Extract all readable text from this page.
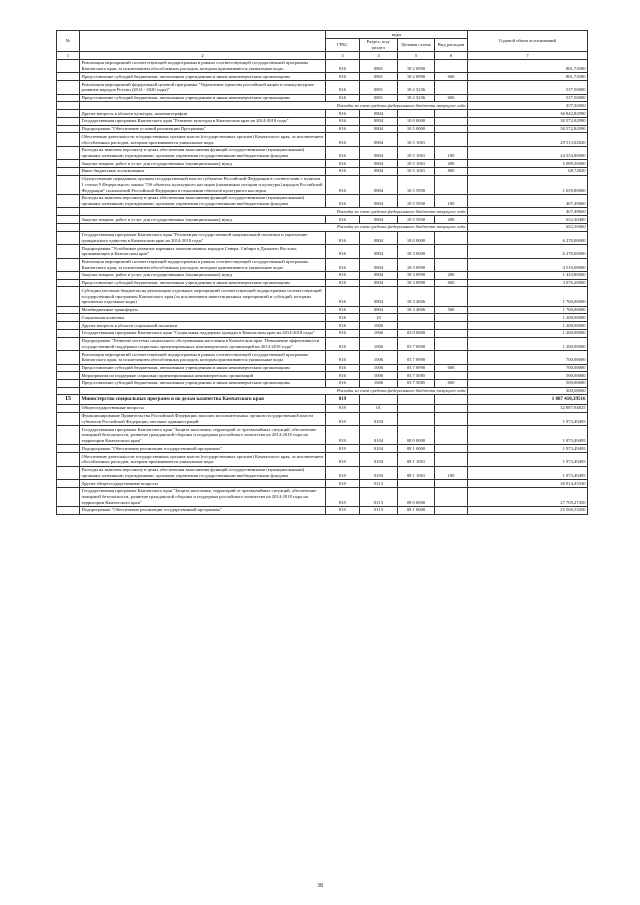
№		коды				Годовой объем ассигнований
		ГРБС	Раздел, под-раздел	Целевая статья	Вид расходов	
1	2	3	4	5	6	7
	Реализация мероприятий соответствующей подпрограммы в рамках соответствующей государственной программы Камчатского края, за исключением обособленных расходов, которым присваиваются уникальные коды	816	0801	18 2 0990		801,74500
	Предоставление субсидий бюджетным, автономным учреждениям и иным некоммерческим организациям	816	0801	18 2 0990	600	801,74500
	Реализация мероприятий федеральной целевой программы "Укрепление единства российской нации и этнокультурное развитие народов России (2014 - 2020 годы)"	816	0801	18 2 5236		537,50000
	Предоставление субсидий бюджетным, автономным учреждениям и иным некоммерческим организациям	816	0801	18 2 5236	600	537,50000
	Расходы за счет средств федерального бюджета текущего года					537,50000
	Другие вопросы в области культуры, кинематографии	816	0804			36 842,82990
	Государственная программа Камчатского края "Развитие культуры в Камчатском крае на 2014-2018 годы"	816	0804	10 0 0000		30 572,82990
	Подпрограмма "Обеспечение условий реализации Программы"	816	0804	10 5 0000		30 572,82990
	Обеспечение деятельности государственных органов власти (государственных органов) Камчатского края, за исключением обособленных расходов, которым присваиваются уникальные коды	816	0804	10 5 1001		29 513,02820
	Расходы на выплаты персоналу в целях обеспечения выполнения функций государственными (муниципальными) органами, казенными учреждениями, органами управления государственными внебюджетными фондами	816	0804	10 5 1001	100	24 354,80000
	Закупка товаров, работ и услуг для государственных (муниципальных) нужд	816	0804	10 5 1001	200	5 089,50000
	Иные бюджетные ассигнования	816	0804	10 5 1001	800	68,72820
	Осуществление переданных органам государственной власти субъектов Российской Федерации в соответствии с пунктом 1 статьи 9 Федерального закона "Об объектах культурного наследия (памятниках истории и культуры) народов Российской Федерации" полномочий Российской Федерации в отношении объектов культурного наследия	816	0804	10 5 5950		1 059,80000
	Расходы на выплаты персоналу в целях обеспечения выполнения функций государственными (муниципальными) органами, казенными учреждениями, органами управления государственными внебюджетными фондами	816	0804	10 5 5950	100	407,49600
	Расходы за счет средств федерального бюджета текущего года					407,49600
	Закупка товаров, работ и услуг для государственных (муниципальных) нужд	816	0804	10 5 5950	200	652,30400
	Расходы за счет средств федерального бюджета текущего года					652,30400
	Государственная программа Камчатского края "Реализация государственной национальной политики и укрепление гражданского единства в Камчатском крае на 2014-2018 годы"	816	0804	18 0 0000		6 270,00000
	Подпрограмма "Устойчивое развитие коренных малочисленных народов Севера, Сибири и Дальнего Востока, проживающих в Камчатском крае"	816	0804	18 3 0000		6 270,00000
	Реализация мероприятий соответствующей подпрограммы в рамках соответствующей государственной программы Камчатского края, за исключением обособленных расходов, которым присваиваются уникальные коды	816	0804	18 3 0990		4 510,00000
	Закупка товаров, работ и услуг для государственных (муниципальных) нужд	816	0804	18 3 0990	200	1 433,80000
	Предоставление субсидий бюджетным, автономным учреждениям и иным некоммерческим организациям	816	0804	18 3 0990	600	3 076,20000
	Субсидии местным бюджетам на реализацию отдельных мероприятий соответствующей подпрограммы соответствующей государственной программы Камчатского края (за исключением инвестиционных мероприятий и субсидий, которым присвоены отдельные коды)	816	0804	18 3 4006		1 760,00000
	Межбюджетные трансферты	816	0804	18 3 4006	500	1 760,00000
	Социальная политика	816	10			1 200,00000
	Другие вопросы в области социальной политики	816	1006			1 200,00000
	Государственная программа Камчатского края "Социальная поддержка граждан в Камчатском крае на 2014-2018 годы"	816	1006	03 0 0000		1 200,00000
	Подпрограмма "Развитие системы социального обслуживания населения в Камчатском крае. Повышение эффективности государственной поддержки социально ориентированных некоммерческих организаций на 2014-2018 годы"	816	1006	03 7 0000		1 200,00000
	Реализация мероприятий соответствующей подпрограммы в рамках соответствующей государственной программы Камчатского края, за исключением обособленных расходов, которым присваиваются уникальные коды	816	1006	03 7 0990		700,00000
	Предоставление субсидий бюджетным, автономным учреждениям и иным некоммерческим организациям	816	1006	03 7 0990	600	700,00000
	Мероприятия по поддержке социально ориентированных некоммерческих организаций	816	1006	03 7 5085		500,00000
	Предоставление субсидий бюджетным, автономным учреждениям и иным некоммерческим организациям	816	1006	03 7 5085	600	500,00000
	Расходы за счет средств федерального бюджета текущего года					500,00000
15	Министерство специальных программ и по делам казачества Камчатского края	819				1 087 410,39516
	Общегосударственные вопросы	819	01			32 887,94825
	Функционирование Правительства Российской Федерации, высших исполнительных органов государственной власти субъектов Российской Федерации, местных администраций	819	0104			1 973,49495
	Государственная программа Камчатского края "Защита населения, территорий от чрезвычайных ситуаций, обеспечение пожарной безопасности, развитие гражданской обороны и поддержка российского казачества на 2014-2018 годы на территории Камчатского края"	819	0104	08 0 0000		1 973,49495
	Подпрограмма "Обеспечение реализации государственной программы"	819	0104	08 1 0000		1 973,49495
	Обеспечение деятельности государственных органов власти (государственных органов) Камчатского края, за исключением обособленных расходов, которым присваиваются уникальные коды	819	0104	08 1 1001		1 973,49495
	Расходы на выплаты персоналу в целях обеспечения выполнения функций государственными (муниципальными) органами, казенными учреждениями, органами управления государственными внебюджетными фондами	819	0104	08 1 1001	100	1 973,49495
	Другие общегосударственные вопросы	819	0113			30 914,45330
	Государственная программа Камчатского края "Защита населения, территорий от чрезвычайных ситуаций, обеспечение пожарной безопасности, развитие гражданской обороны и поддержка российского казачества на 2014-2018 годы на территории Камчатского края"	819	0113	08 0 0000		27 709,27450
	Подпрограмма "Обеспечение реализации государственной программы"	819	0113	08 1 0000		25 506,53450
38
